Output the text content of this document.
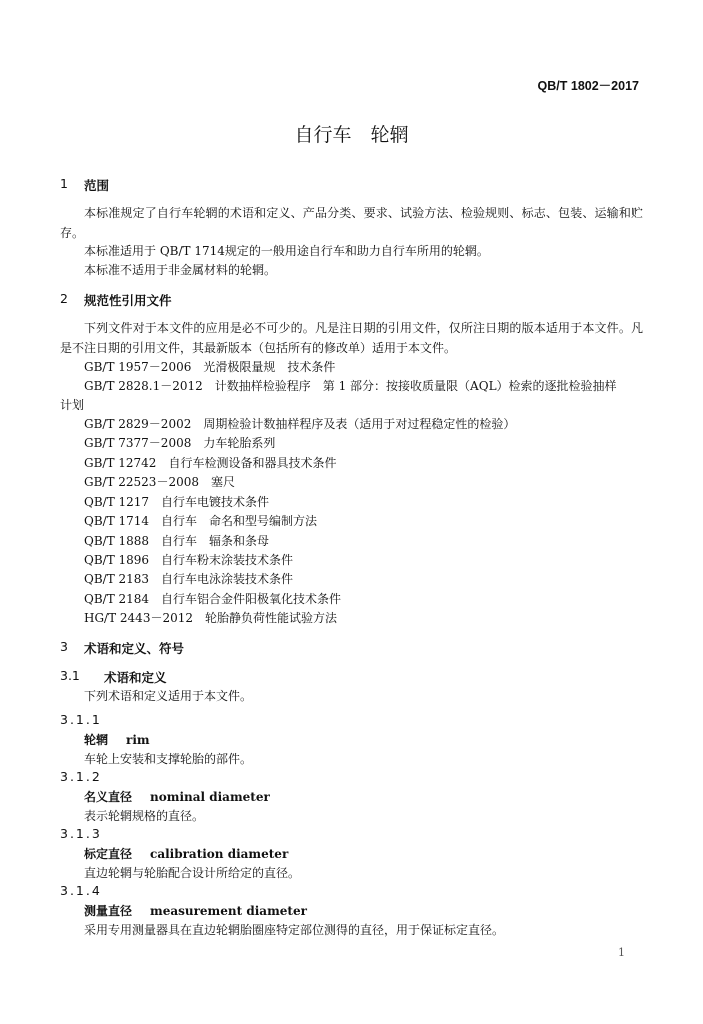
QB/T 1802－2017
自行车　轮辋
1 范围
本标准规定了自行车轮辋的术语和定义、产品分类、要求、试验方法、检验规则、标志、包装、运输和贮存。
本标准适用于 QB/T 1714规定的一般用途自行车和助力自行车所用的轮辋。
本标准不适用于非金属材料的轮辋。
2 规范性引用文件
下列文件对于本文件的应用是必不可少的。凡是注日期的引用文件，仅所注日期的版本适用于本文件。凡是不注日期的引用文件，其最新版本（包括所有的修改单）适用于本文件。
GB/T 1957－2006　光滑极限量规　技术条件
GB/T 2828.1－2012　计数抽样检验程序　第 1 部分：按接收质量限（AQL）检索的逐批检验抽样
计划
GB/T 2829－2002　周期检验计数抽样程序及表（适用于对过程稳定性的检验）
GB/T 7377－2008　力车轮胎系列
GB/T 12742　自行车检测设备和器具技术条件
GB/T 22523－2008　塞尺
QB/T 1217　自行车电镀技术条件
QB/T 1714　自行车　命名和型号编制方法
QB/T 1888　自行车　辐条和条母
QB/T 1896　自行车粉末涂装技术条件
QB/T 2183　自行车电泳涂装技术条件
QB/T 2184　自行车铝合金件阳极氧化技术条件
HG/T 2443－2012　轮胎静负荷性能试验方法
3 术语和定义、符号
3.1 术语和定义
下列术语和定义适用于本文件。
3.1.1
轮辋 rim
车轮上安装和支撑轮胎的部件。
3.1.2
名义直径 nominal diameter
表示轮辋规格的直径。
3.1.3
标定直径 calibration diameter
直边轮辋与轮胎配合设计所给定的直径。
3.1.4
测量直径 measurement diameter
采用专用测量器具在直边轮辋胎圈座特定部位测得的直径，用于保证标定直径。
1
